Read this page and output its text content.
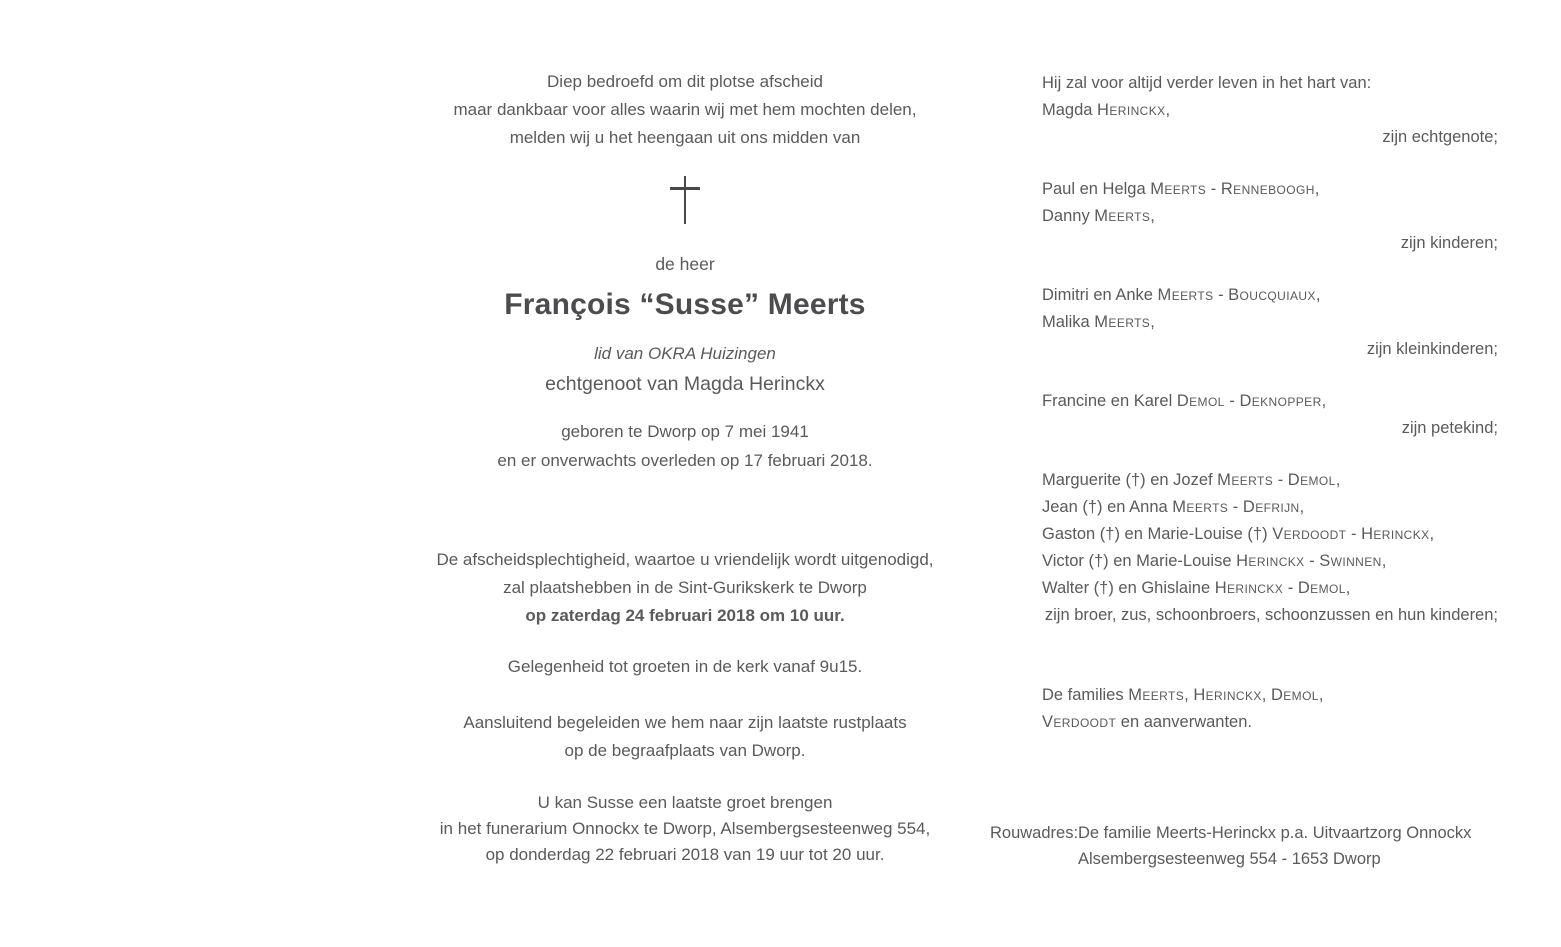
Diep bedroefd om dit plotse afscheid

maar dankbaar voor alles waarin wij met hem mochten delen,

melden wij u het heengaan uit ons midden van

de heer

François “Susse” Meerts

lid van OKRA Huizingen

echtgenoot van Magda Herinckx

geboren te Dworp op 7 mei 1941

en er onverwachts overleden op 17 februari 2018.

De afscheidsplechtigheid, waartoe u vriendelijk wordt uitgenodigd,

zal plaatshebben in de Sint-Gurikskerk te Dworp

op zaterdag 24 februari 2018 om 10 uur.

Gelegenheid tot groeten in de kerk vanaf 9u15.

Aansluitend begeleiden we hem naar zijn laatste rustplaats

op de begraafplaats van Dworp.

U kan Susse een laatste groet brengen

in het funerarium Onnockx te Dworp, Alsembergsesteenweg 554,

op donderdag 22 februari 2018 van 19 uur tot 20 uur.

Hij zal voor altijd verder leven in het hart van:

Magda Herinckx,

zijn echtgenote;

Paul en Helga Meerts - Renneboogh,
Danny Meerts,

zijn kinderen;

Dimitri en Anke Meerts - Boucquiaux,
Malika Meerts,

zijn kleinkinderen;

Francine en Karel Demol - Deknopper,

zijn petekind;

Marguerite (†) en Jozef Meerts - Demol,
Jean (†) en Anna Meerts - Defrijn,
Gaston (†) en Marie-Louise (†) Verdoodt - Herinckx,
Victor (†) en Marie-Louise Herinckx - Swinnen,
Walter (†) en Ghislaine Herinckx - Demol,

zijn broer, zus, schoonbroers, schoonzussen en hun kinderen;

De families Meerts, Herinckx, Demol,
Verdoodt en aanverwanten.

Rouwadres: De familie Meerts-Herinckx p.a. Uitvaartzorg Onnockx

Alsembergsesteenweg 554 - 1653 Dworp
